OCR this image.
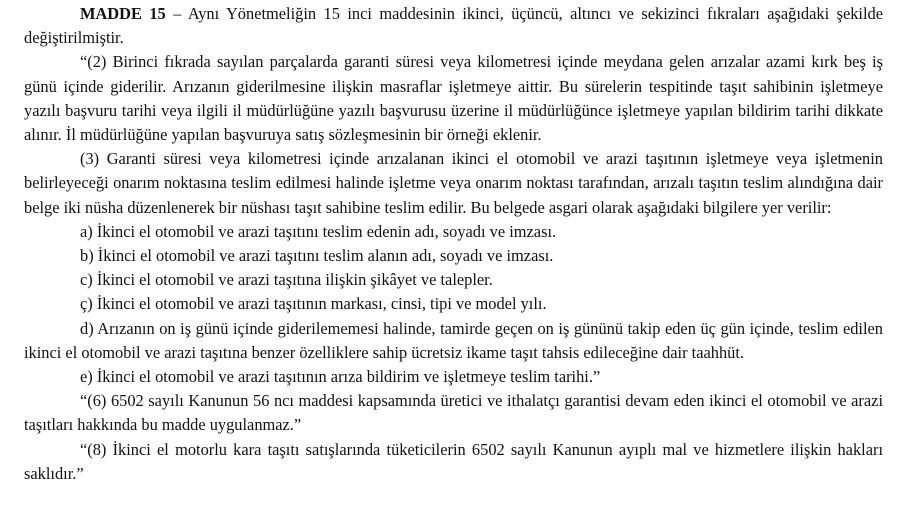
MADDE 15 – Aynı Yönetmeliğin 15 inci maddesinin ikinci, üçüncü, altıncı ve sekizinci fıkraları aşağıdaki şekilde değiştirilmiştir.

“(2) Birinci fıkrada sayılan parçalarda garanti süresi veya kilometresi içinde meydana gelen arızalar azami kırk beş iş günü içinde giderilir. Arızanın giderilmesine ilişkin masraflar işletmeye aittir. Bu sürelerin tespitinde taşıt sahibinin işletmeye yazılı başvuru tarihi veya ilgili il müdürlüğüne yazılı başvurusu üzerine il müdürlüğünce işletmeye yapılan bildirim tarihi dikkate alınır. İl müdürlüğüne yapılan başvuruya satış sözleşmesinin bir örneği eklenir.

(3) Garanti süresi veya kilometresi içinde arızalanan ikinci el otomobil ve arazi taşıtının işletmeye veya işletmenin belirleyeceği onarım noktasına teslim edilmesi halinde işletme veya onarım noktası tarafından, arızalı taşıtın teslim alındığına dair belge iki nüsha düzenlenerek bir nüshası taşıt sahibine teslim edilir. Bu belgede asgari olarak aşağıdaki bilgilere yer verilir:

a) İkinci el otomobil ve arazi taşıtını teslim edenin adı, soyadı ve imzası.

b) İkinci el otomobil ve arazi taşıtını teslim alanın adı, soyadı ve imzası.

c) İkinci el otomobil ve arazi taşıtına ilişkin şikâyet ve talepler.

ç) İkinci el otomobil ve arazi taşıtının markası, cinsi, tipi ve model yılı.

d) Arızanın on iş günü içinde giderilememesi halinde, tamirde geçen on iş gününü takip eden üç gün içinde, teslim edilen ikinci el otomobil ve arazi taşıtına benzer özelliklere sahip ücretsiz ikame taşıt tahsis edileceğine dair taahhüt.

e) İkinci el otomobil ve arazi taşıtının arıza bildirim ve işletmeye teslim tarihi.”

“(6) 6502 sayılı Kanunun 56 ncı maddesi kapsamında üretici ve ithalatçı garantisi devam eden ikinci el otomobil ve arazi taşıtları hakkında bu madde uygulanmaz.”

“(8) İkinci el motorlu kara taşıtı satışlarında tüketicilerin 6502 sayılı Kanunun ayıplı mal ve hizmetlere ilişkin hakları saklıdır.”
